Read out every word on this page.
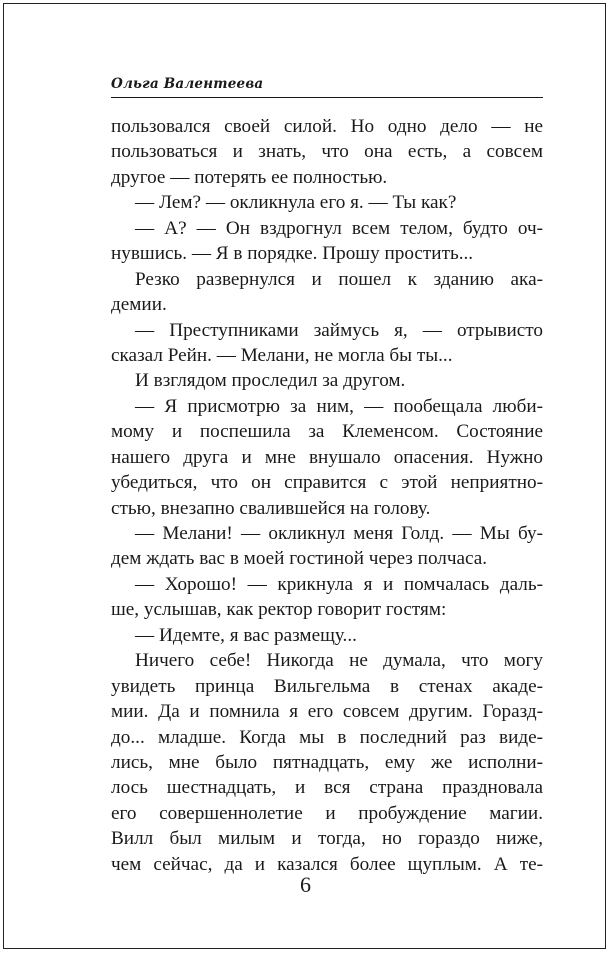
Ольга Валентеева
пользовался своей силой. Но одно дело — не
пользоваться и знать, что она есть, а совсем
другое — потерять ее полностью.
— Лем? — окликнула его я. — Ты как?
— А? — Он вздрогнул всем телом, будто оч-
нувшись. — Я в порядке. Прошу простить...
Резко развернулся и пошел к зданию ака-
демии.
— Преступниками займусь я, — отрывисто
сказал Рейн. — Мелани, не могла бы ты...
И взглядом проследил за другом.
— Я присмотрю за ним, — пообещала люби-
мому и поспешила за Клеменсом. Состояние
нашего друга и мне внушало опасения. Нужно
убедиться, что он справится с этой неприятно-
стью, внезапно свалившейся на голову.
— Мелани! — окликнул меня Голд. — Мы бу-
дем ждать вас в моей гостиной через полчаса.
— Хорошо! — крикнула я и помчалась даль-
ше, услышав, как ректор говорит гостям:
— Идемте, я вас размещу...
Ничего себе! Никогда не думала, что могу
увидеть принца Вильгельма в стенах акаде-
мии. Да и помнила я его совсем другим. Горазд-
до... младше. Когда мы в последний раз виде-
лись, мне было пятнадцать, ему же исполни-
лось шестнадцать, и вся страна праздновала
его совершеннолетие и пробуждение магии.
Вилл был милым и тогда, но гораздо ниже,
чем сейчас, да и казался более щуплым. А те-
6
